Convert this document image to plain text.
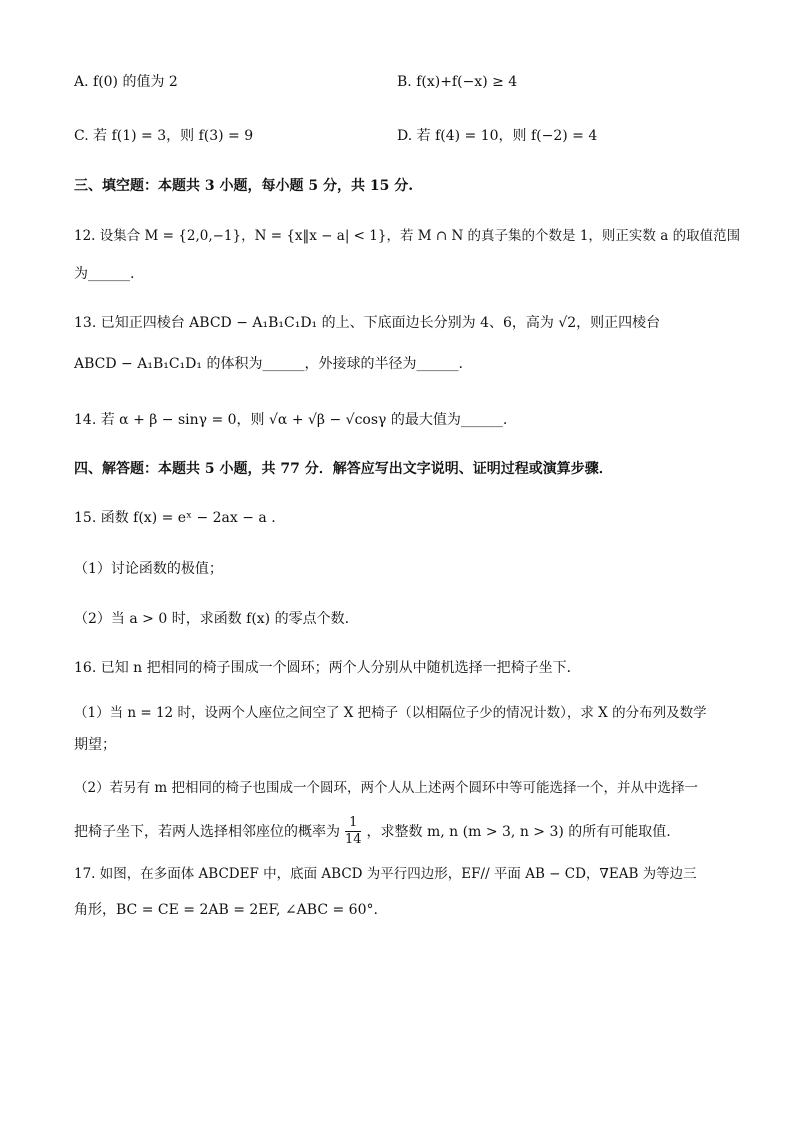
A. f(0) 的值为 2	B. f(x)+f(−x) ≥ 4
C. 若 f(1) = 3，则 f(3) = 9	D. 若 f(4) = 10，则 f(−2) = 4
三、填空题：本题共 3 小题，每小题 5 分，共 15 分.
12. 设集合 M = {2,0,−1}，N = {x‖x − a| < 1}，若 M ∩ N 的真子集的个数是 1，则正实数 a 的取值范围
为______.
13. 已知正四棱台 ABCD − A₁B₁C₁D₁ 的上、下底面边长分别为 4、6，高为 √2，则正四棱台
ABCD − A₁B₁C₁D₁ 的体积为______，外接球的半径为______.
14. 若 α + β − sinγ = 0，则 √α + √β − √cosγ 的最大值为______.
四、解答题：本题共 5 小题，共 77 分．解答应写出文字说明、证明过程或演算步骤．
15. 函数 f(x) = eˣ − 2ax − a .
（1）讨论函数的极值；
（2）当 a > 0 时，求函数 f(x) 的零点个数.
16. 已知 n 把相同的椅子围成一个圆环；两个人分别从中随机选择一把椅子坐下．
（1）当 n = 12 时，设两个人座位之间空了 X 把椅子（以相隔位子少的情况计数），求 X 的分布列及数学
期望；
（2）若另有 m 把相同的椅子也围成一个圆环，两个人从上述两个圆环中等可能选择一个，并从中选择一
把椅子坐下，若两人选择相邻座位的概率为
1
14 ，求整数 m, n (m > 3, n > 3) 的所有可能取值.
17. 如图，在多面体 ABCDEF 中，底面 ABCD 为平行四边形，EF// 平面 AB − CD，∇EAB 为等边三
角形，BC = CE = 2AB = 2EF, ∠ABC = 60°.
